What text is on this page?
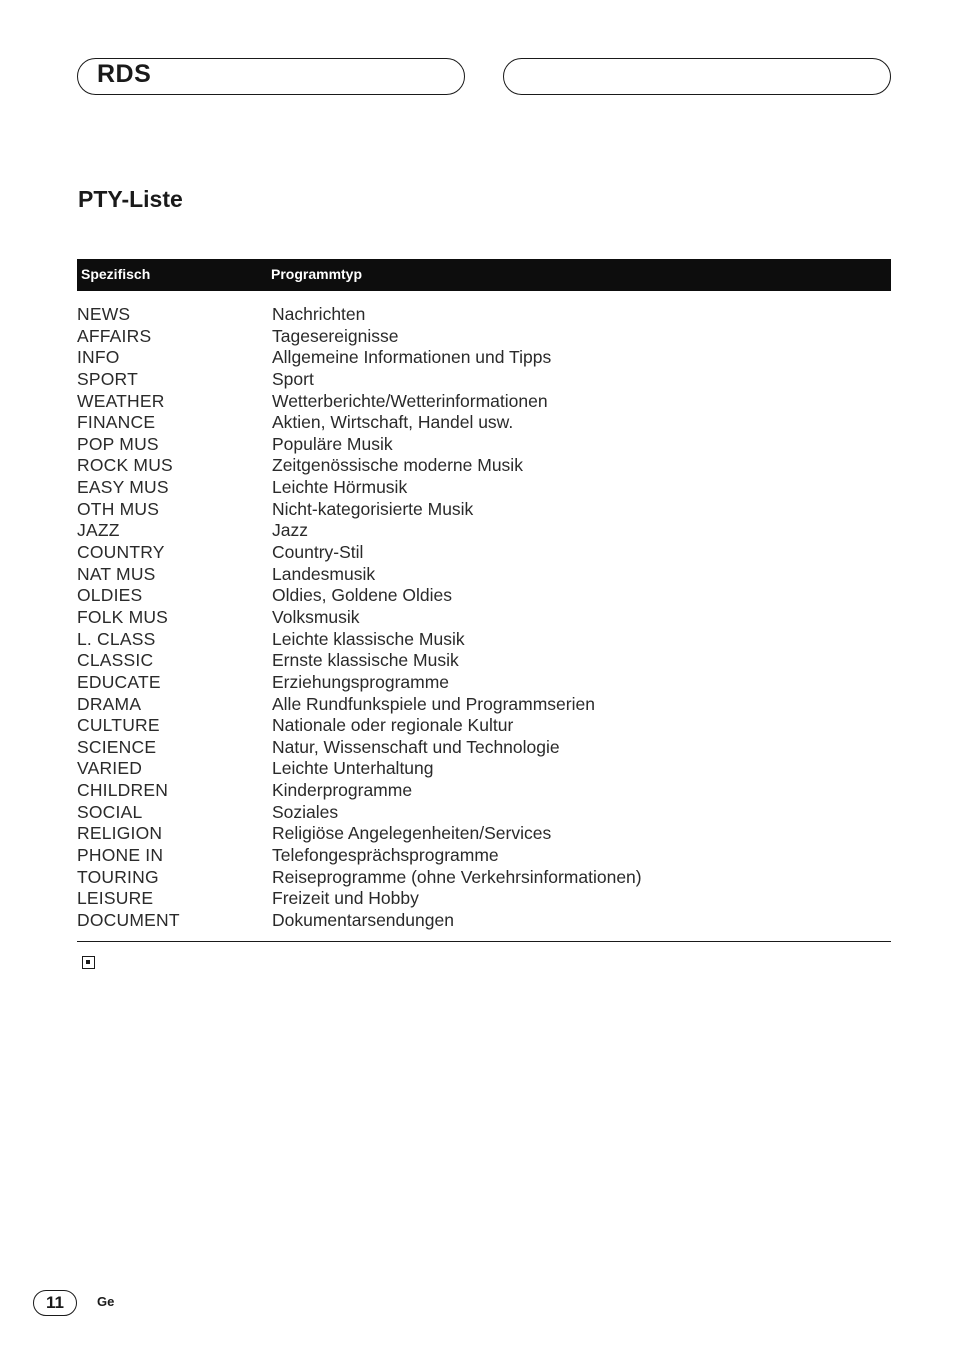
RDS
PTY-Liste
Spezifisch	Programmtyp
NEWS	Nachrichten
AFFAIRS	Tagesereignisse
INFO	Allgemeine Informationen und Tipps
SPORT	Sport
WEATHER	Wetterberichte/Wetterinformationen
FINANCE	Aktien, Wirtschaft, Handel usw.
POP MUS	Populäre Musik
ROCK MUS	Zeitgenössische moderne Musik
EASY MUS	Leichte Hörmusik
OTH MUS	Nicht-kategorisierte Musik
JAZZ	Jazz
COUNTRY	Country-Stil
NAT MUS	Landesmusik
OLDIES	Oldies, Goldene Oldies
FOLK MUS	Volksmusik
L. CLASS	Leichte klassische Musik
CLASSIC	Ernste klassische Musik
EDUCATE	Erziehungsprogramme
DRAMA	Alle Rundfunkspiele und Programmserien
CULTURE	Nationale oder regionale Kultur
SCIENCE	Natur, Wissenschaft und Technologie
VARIED	Leichte Unterhaltung
CHILDREN	Kinderprogramme
SOCIAL	Soziales
RELIGION	Religiöse Angelegenheiten/Services
PHONE IN	Telefongesprächsprogramme
TOURING	Reiseprogramme (ohne Verkehrsinformationen)
LEISURE	Freizeit und Hobby
DOCUMENT	Dokumentarsendungen
11	Ge
